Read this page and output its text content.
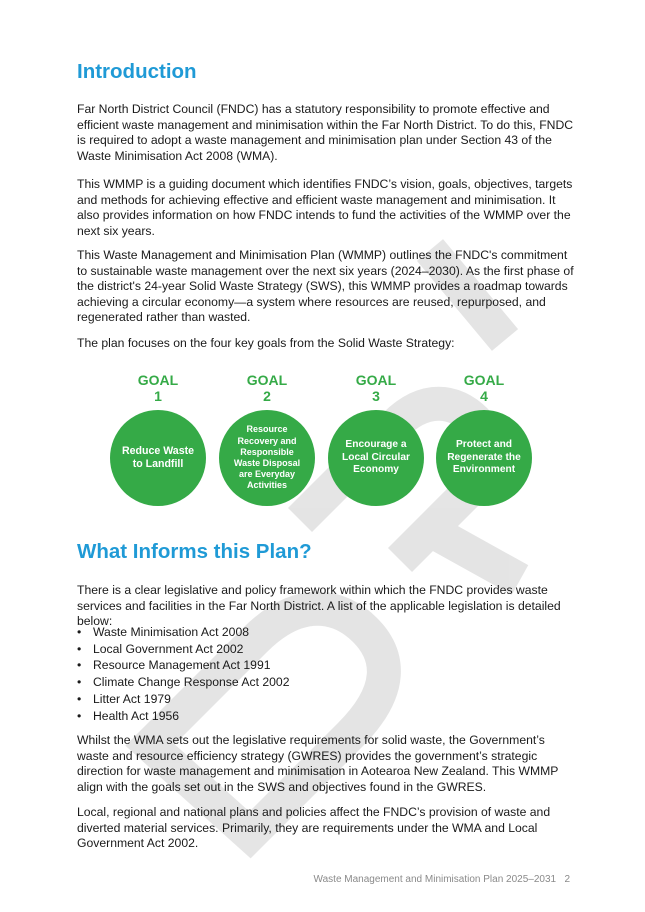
Introduction

Far North District Council (FNDC) has a statutory responsibility to promote effective and efficient waste management and minimisation within the Far North District. To do this, FNDC is required to adopt a waste management and minimisation plan under Section 43 of the Waste Minimisation Act 2008 (WMA).

This WMMP is a guiding document which identifies FNDC’s vision, goals, objectives, targets and methods for achieving effective and efficient waste management and minimisation. It also provides information on how FNDC intends to fund the activities of the WMMP over the next six years.

This Waste Management and Minimisation Plan (WMMP) outlines the FNDC's commitment to sustainable waste management over the next six years (2024–2030). As the first phase of the district's 24-year Solid Waste Strategy (SWS), this WMMP provides a roadmap towards achieving a circular economy—a system where resources are reused, repurposed, and regenerated rather than wasted.

The plan focuses on the four key goals from the Solid Waste Strategy:

GOAL
1
Reduce Waste to Landfill
GOAL
2
Resource Recovery and Responsible Waste Disposal are Everyday Activities
GOAL
3
Encourage a Local Circular Economy
GOAL
4
Protect and Regenerate the Environment
What Informs this Plan?

There is a clear legislative and policy framework within which the FNDC provides waste services and facilities in the Far North District. A list of the applicable legislation is detailed below:

• Waste Minimisation Act 2008
• Local Government Act 2002
• Resource Management Act 1991
• Climate Change Response Act 2002
• Litter Act 1979
• Health Act 1956

Whilst the WMA sets out the legislative requirements for solid waste, the Government’s waste and resource efficiency strategy (GWRES) provides the government’s strategic direction for waste management and minimisation in Aotearoa New Zealand. This WMMP align with the goals set out in the SWS and objectives found in the GWRES.

Local, regional and national plans and policies affect the FNDC’s provision of waste and diverted material services. Primarily, they are requirements under the WMA and Local Government Act 2002.

Waste Management and Minimisation Plan 2025–2031 2
